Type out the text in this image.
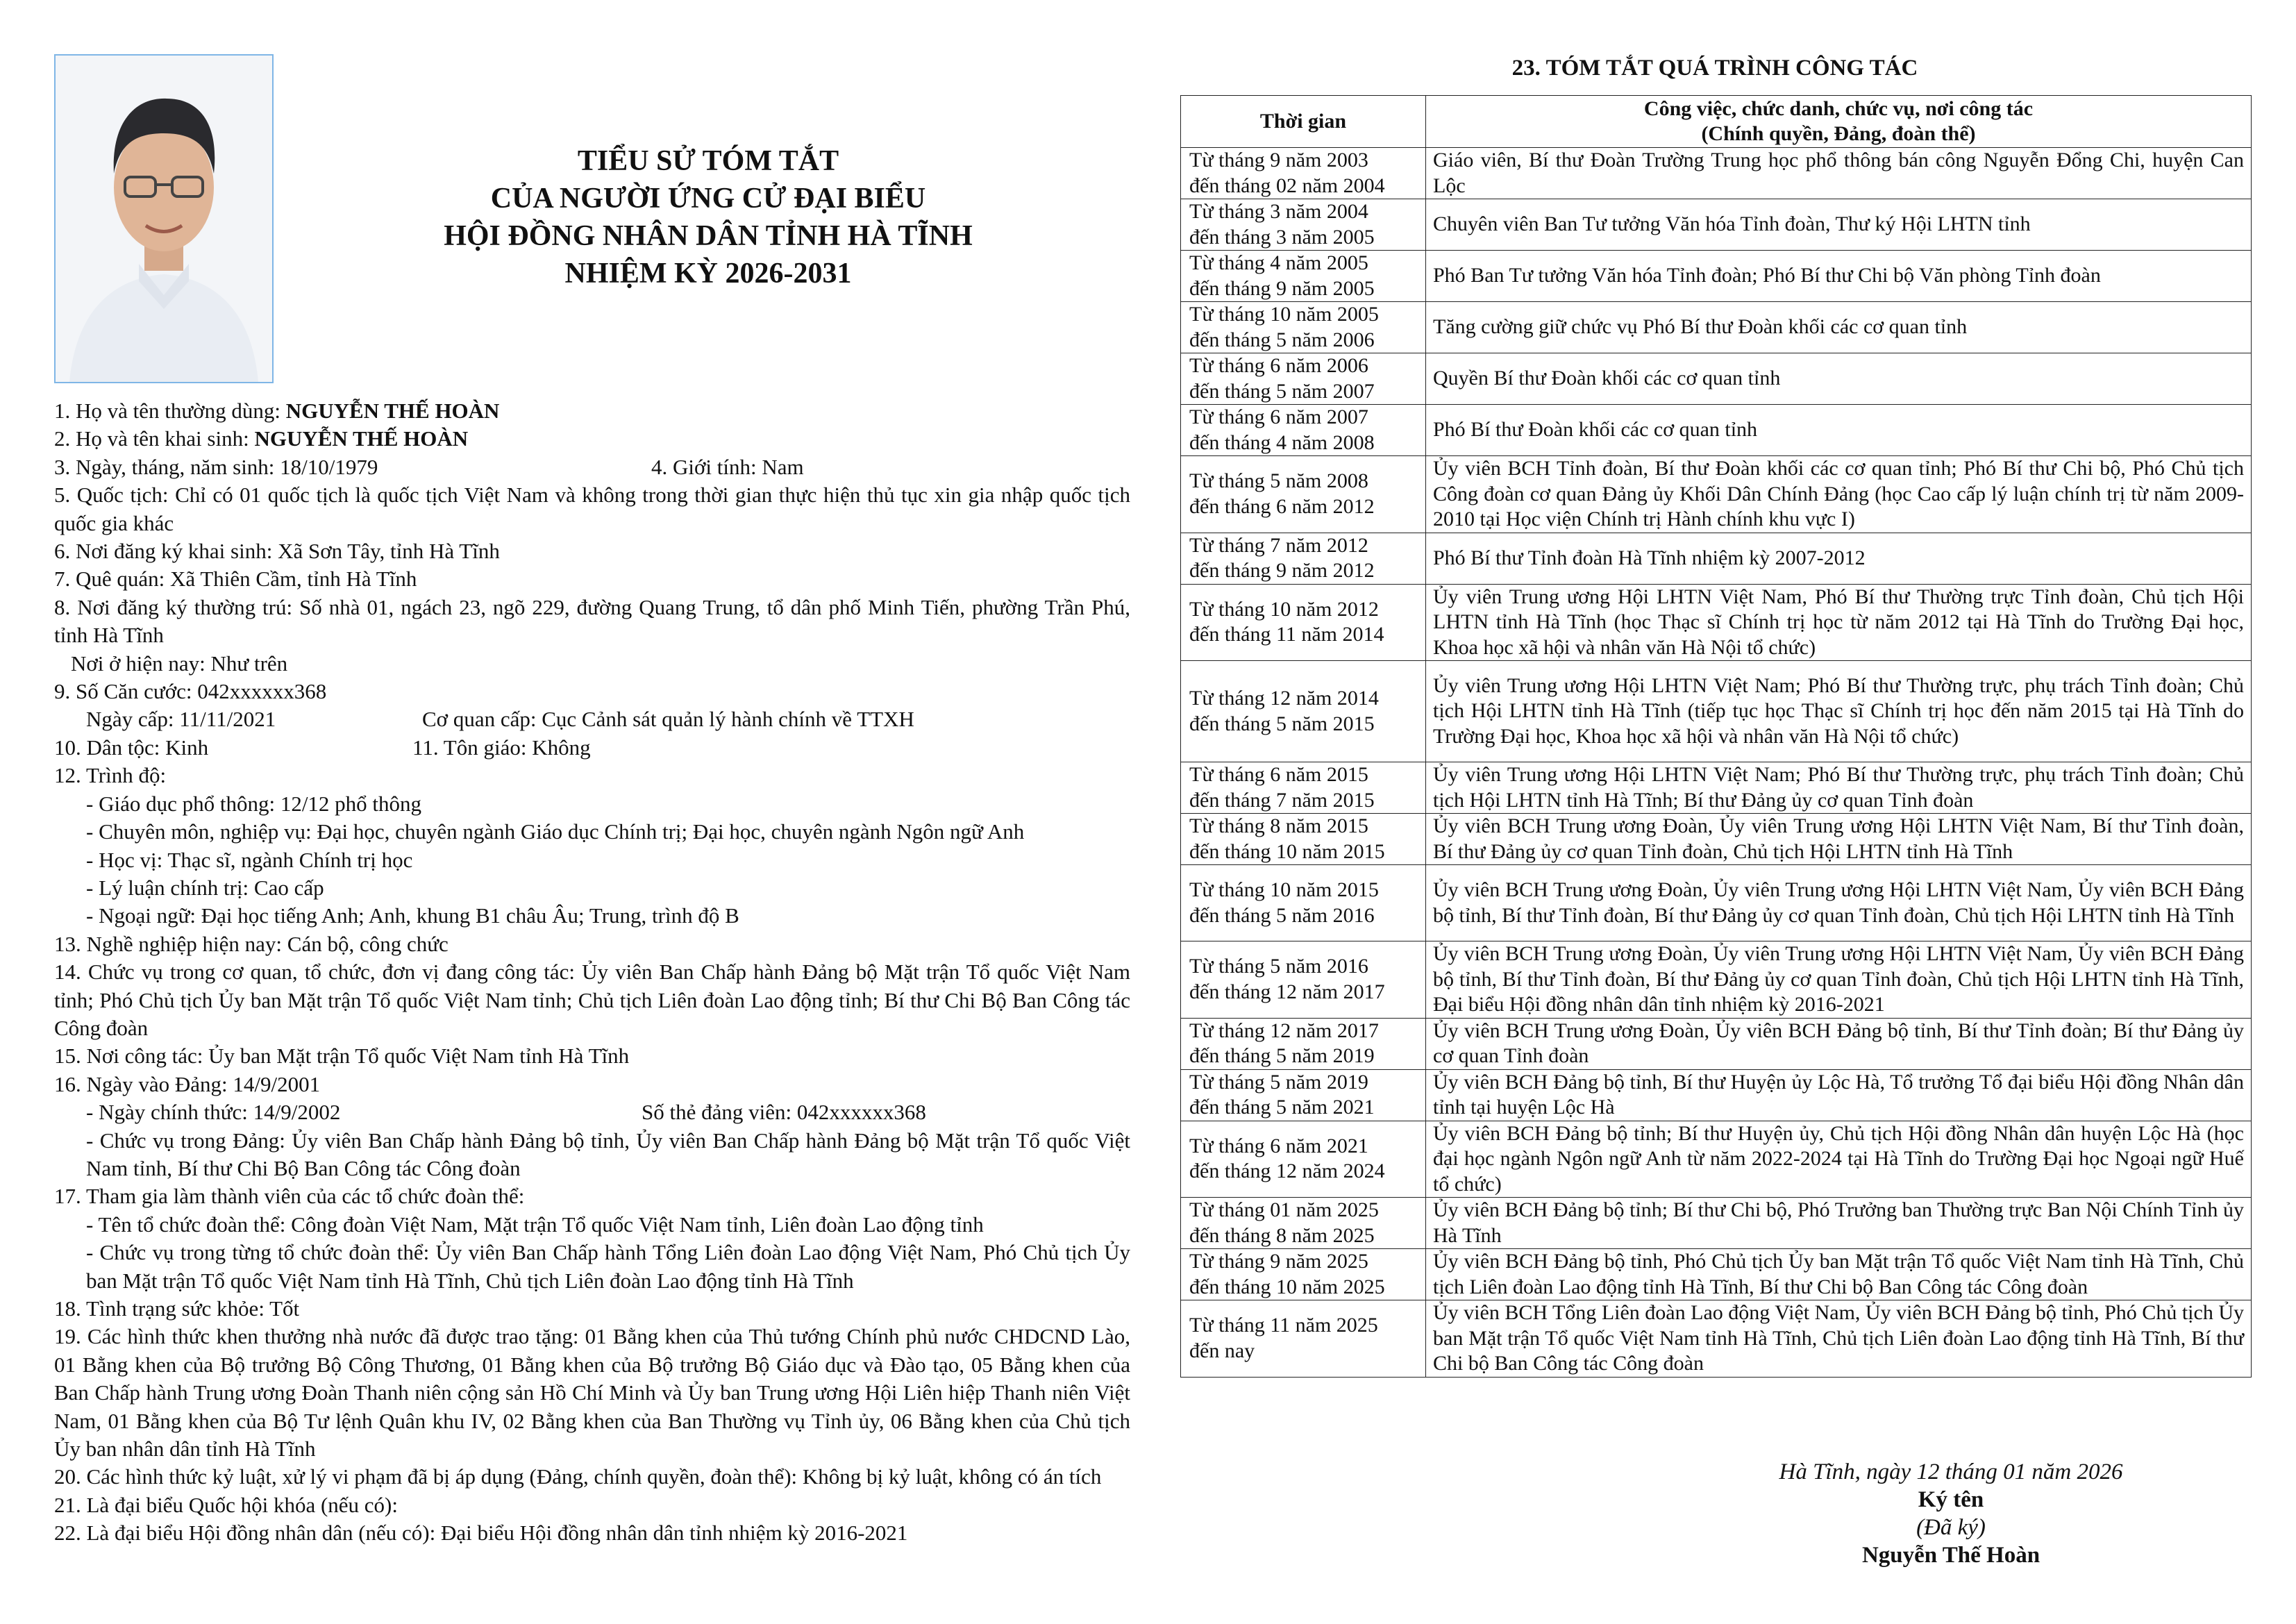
TIỂU SỬ TÓM TẮT
CỦA NGƯỜI ỨNG CỬ ĐẠI BIỂU
HỘI ĐỒNG NHÂN DÂN TỈNH HÀ TĨNH
NHIỆM KỲ 2026-2031
1. Họ và tên thường dùng: NGUYỄN THẾ HOÀN
2. Họ và tên khai sinh: NGUYỄN THẾ HOÀN
3. Ngày, tháng, năm sinh: 18/10/1979	4. Giới tính: Nam
5. Quốc tịch: Chỉ có 01 quốc tịch là quốc tịch Việt Nam và không trong thời gian thực hiện thủ tục xin gia nhập quốc tịch quốc gia khác
6. Nơi đăng ký khai sinh: Xã Sơn Tây, tỉnh Hà Tĩnh
7. Quê quán: Xã Thiên Cầm, tỉnh Hà Tĩnh
8. Nơi đăng ký thường trú: Số nhà 01, ngách 23, ngõ 229, đường Quang Trung, tổ dân phố Minh Tiến, phường Trần Phú, tỉnh Hà Tĩnh
Nơi ở hiện nay: Như trên
9. Số Căn cước: 042xxxxxx368
Ngày cấp: 11/11/2021	Cơ quan cấp: Cục Cảnh sát quản lý hành chính về TTXH
10. Dân tộc: Kinh	11. Tôn giáo: Không
12. Trình độ:
- Giáo dục phổ thông: 12/12 phổ thông
- Chuyên môn, nghiệp vụ: Đại học, chuyên ngành Giáo dục Chính trị; Đại học, chuyên ngành Ngôn ngữ Anh
- Học vị: Thạc sĩ, ngành Chính trị học
- Lý luận chính trị: Cao cấp
- Ngoại ngữ: Đại học tiếng Anh; Anh, khung B1 châu Âu; Trung, trình độ B
13. Nghề nghiệp hiện nay: Cán bộ, công chức
14. Chức vụ trong cơ quan, tổ chức, đơn vị đang công tác: Ủy viên Ban Chấp hành Đảng bộ Mặt trận Tổ quốc Việt Nam tỉnh; Phó Chủ tịch Ủy ban Mặt trận Tổ quốc Việt Nam tỉnh; Chủ tịch Liên đoàn Lao động tỉnh; Bí thư Chi Bộ Ban Công tác Công đoàn
15. Nơi công tác: Ủy ban Mặt trận Tổ quốc Việt Nam tỉnh Hà Tĩnh
16. Ngày vào Đảng: 14/9/2001
- Ngày chính thức: 14/9/2002	Số thẻ đảng viên: 042xxxxxx368
- Chức vụ trong Đảng: Ủy viên Ban Chấp hành Đảng bộ tỉnh, Ủy viên Ban Chấp hành Đảng bộ Mặt trận Tổ quốc Việt Nam tỉnh, Bí thư Chi Bộ Ban Công tác Công đoàn
17. Tham gia làm thành viên của các tổ chức đoàn thể:
- Tên tổ chức đoàn thể: Công đoàn Việt Nam, Mặt trận Tổ quốc Việt Nam tỉnh, Liên đoàn Lao động tỉnh
- Chức vụ trong từng tổ chức đoàn thể: Ủy viên Ban Chấp hành Tổng Liên đoàn Lao động Việt Nam, Phó Chủ tịch Ủy ban Mặt trận Tổ quốc Việt Nam tỉnh Hà Tĩnh, Chủ tịch Liên đoàn Lao động tỉnh Hà Tĩnh
18. Tình trạng sức khỏe: Tốt
19. Các hình thức khen thưởng nhà nước đã được trao tặng: 01 Bằng khen của Thủ tướng Chính phủ nước CHDCND Lào, 01 Bằng khen của Bộ trưởng Bộ Công Thương, 01 Bằng khen của Bộ trưởng Bộ Giáo dục và Đào tạo, 05 Bằng khen của Ban Chấp hành Trung ương Đoàn Thanh niên cộng sản Hồ Chí Minh và Ủy ban Trung ương Hội Liên hiệp Thanh niên Việt Nam, 01 Bằng khen của Bộ Tư lệnh Quân khu IV, 02 Bằng khen của Ban Thường vụ Tỉnh ủy, 06 Bằng khen của Chủ tịch Ủy ban nhân dân tỉnh Hà Tĩnh
20. Các hình thức kỷ luật, xử lý vi phạm đã bị áp dụng (Đảng, chính quyền, đoàn thể): Không bị kỷ luật, không có án tích
21. Là đại biểu Quốc hội khóa (nếu có):
22. Là đại biểu Hội đồng nhân dân (nếu có): Đại biểu Hội đồng nhân dân tỉnh nhiệm kỳ 2016-2021
23. TÓM TẮT QUÁ TRÌNH CÔNG TÁC
Thời gian	Công việc, chức danh, chức vụ, nơi công tác
(Chính quyền, Đảng, đoàn thể)

Từ tháng 9 năm 2003
đến tháng 02 năm 2004	Giáo viên, Bí thư Đoàn Trường Trung học phổ thông bán công Nguyễn Đổng Chi, huyện Can Lộc

Từ tháng 3 năm 2004
đến tháng 3 năm 2005	Chuyên viên Ban Tư tưởng Văn hóa Tỉnh đoàn, Thư ký Hội LHTN tỉnh

Từ tháng 4 năm 2005
đến tháng 9 năm 2005	Phó Ban Tư tưởng Văn hóa Tỉnh đoàn; Phó Bí thư Chi bộ Văn phòng Tỉnh đoàn

Từ tháng 10 năm 2005
đến tháng 5 năm 2006	Tăng cường giữ chức vụ Phó Bí thư Đoàn khối các cơ quan tỉnh

Từ tháng 6 năm 2006
đến tháng 5 năm 2007	Quyền Bí thư Đoàn khối các cơ quan tỉnh

Từ tháng 6 năm 2007
đến tháng 4 năm 2008	Phó Bí thư Đoàn khối các cơ quan tỉnh

Từ tháng 5 năm 2008
đến tháng 6 năm 2012	Ủy viên BCH Tỉnh đoàn, Bí thư Đoàn khối các cơ quan tỉnh; Phó Bí thư Chi bộ, Phó Chủ tịch Công đoàn cơ quan Đảng ủy Khối Dân Chính Đảng (học Cao cấp lý luận chính trị từ năm 2009-2010 tại Học viện Chính trị Hành chính khu vực I)

Từ tháng 7 năm 2012
đến tháng 9 năm 2012	Phó Bí thư Tỉnh đoàn Hà Tĩnh nhiệm kỳ 2007-2012

Từ tháng 10 năm 2012
đến tháng 11 năm 2014	Ủy viên Trung ương Hội LHTN Việt Nam, Phó Bí thư Thường trực Tỉnh đoàn, Chủ tịch Hội LHTN tỉnh Hà Tĩnh (học Thạc sĩ Chính trị học từ năm 2012 tại Hà Tĩnh do Trường Đại học, Khoa học xã hội và nhân văn Hà Nội tổ chức)

Từ tháng 12 năm 2014
đến tháng 5 năm 2015	Ủy viên Trung ương Hội LHTN Việt Nam; Phó Bí thư Thường trực, phụ trách Tỉnh đoàn; Chủ tịch Hội LHTN tỉnh Hà Tĩnh (tiếp tục học Thạc sĩ Chính trị học đến năm 2015 tại Hà Tĩnh do Trường Đại học, Khoa học xã hội và nhân văn Hà Nội tổ chức)

Từ tháng 6 năm 2015
đến tháng 7 năm 2015	Ủy viên Trung ương Hội LHTN Việt Nam; Phó Bí thư Thường trực, phụ trách Tỉnh đoàn; Chủ tịch Hội LHTN tỉnh Hà Tĩnh; Bí thư Đảng ủy cơ quan Tỉnh đoàn

Từ tháng 8 năm 2015
đến tháng 10 năm 2015	Ủy viên BCH Trung ương Đoàn, Ủy viên Trung ương Hội LHTN Việt Nam, Bí thư Tỉnh đoàn, Bí thư Đảng ủy cơ quan Tỉnh đoàn, Chủ tịch Hội LHTN tỉnh Hà Tĩnh

Từ tháng 10 năm 2015
đến tháng 5 năm 2016	Ủy viên BCH Trung ương Đoàn, Ủy viên Trung ương Hội LHTN Việt Nam, Ủy viên BCH Đảng bộ tỉnh, Bí thư Tỉnh đoàn, Bí thư Đảng ủy cơ quan Tỉnh đoàn, Chủ tịch Hội LHTN tỉnh Hà Tĩnh

Từ tháng 5 năm 2016
đến tháng 12 năm 2017	Ủy viên BCH Trung ương Đoàn, Ủy viên Trung ương Hội LHTN Việt Nam, Ủy viên BCH Đảng bộ tỉnh, Bí thư Tỉnh đoàn, Bí thư Đảng ủy cơ quan Tỉnh đoàn, Chủ tịch Hội LHTN tỉnh Hà Tĩnh, Đại biểu Hội đồng nhân dân tỉnh nhiệm kỳ 2016-2021

Từ tháng 12 năm 2017
đến tháng 5 năm 2019	Ủy viên BCH Trung ương Đoàn, Ủy viên BCH Đảng bộ tỉnh, Bí thư Tỉnh đoàn; Bí thư Đảng ủy cơ quan Tỉnh đoàn

Từ tháng 5 năm 2019
đến tháng 5 năm 2021	Ủy viên BCH Đảng bộ tỉnh, Bí thư Huyện ủy Lộc Hà, Tổ trưởng Tổ đại biểu Hội đồng Nhân dân tỉnh tại huyện Lộc Hà

Từ tháng 6 năm 2021
đến tháng 12 năm 2024	Ủy viên BCH Đảng bộ tỉnh; Bí thư Huyện ủy, Chủ tịch Hội đồng Nhân dân huyện Lộc Hà (học đại học ngành Ngôn ngữ Anh từ năm 2022-2024 tại Hà Tĩnh do Trường Đại học Ngoại ngữ Huế tổ chức)

Từ tháng 01 năm 2025
đến tháng 8 năm 2025	Ủy viên BCH Đảng bộ tỉnh; Bí thư Chi bộ, Phó Trưởng ban Thường trực Ban Nội Chính Tỉnh ủy Hà Tĩnh

Từ tháng 9 năm 2025
đến tháng 10 năm 2025	Ủy viên BCH Đảng bộ tỉnh, Phó Chủ tịch Ủy ban Mặt trận Tổ quốc Việt Nam tỉnh Hà Tĩnh, Chủ tịch Liên đoàn Lao động tỉnh Hà Tĩnh, Bí thư Chi bộ Ban Công tác Công đoàn

Từ tháng 11 năm 2025
đến nay	Ủy viên BCH Tổng Liên đoàn Lao động Việt Nam, Ủy viên BCH Đảng bộ tỉnh, Phó Chủ tịch Ủy ban Mặt trận Tổ quốc Việt Nam tỉnh Hà Tĩnh, Chủ tịch Liên đoàn Lao động tỉnh Hà Tĩnh, Bí thư Chi bộ Ban Công tác Công đoàn
Hà Tĩnh, ngày 12 tháng 01 năm 2026
Ký tên
(Đã ký)
Nguyễn Thế Hoàn
